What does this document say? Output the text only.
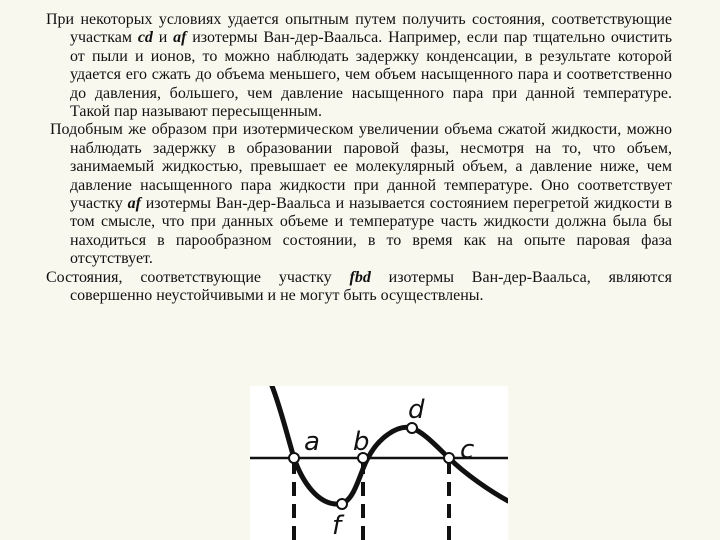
При некоторых условиях удается опытным путем получить состояния, соответствующие участкам cd и af изотермы Ван-дер-Ваальса. Например, если пар тщательно очистить от пыли и ионов, то можно наблюдать задержку конденсации, в результате которой удается его сжать до объема меньшего, чем объем насыщенного пара и соответственно до давления, большего, чем давление насыщенного пара при данной температуре. Такой пар называют пересыщенным.

Подобным же образом при изотермическом увеличении объема сжатой жидкости, можно наблюдать задержку в образовании паровой фазы, несмотря на то, что объем, занимаемый жидкостью, превышает ее молекулярный объем, а давление ниже, чем давление насыщенного пара жидкости при данной температуре. Оно соответствует участку af изотермы Ван-дер-Ваальса и называется состоянием перегретой жидкости в том смысле, что при данных объеме и температуре часть жидкости должна была бы находиться в парообразном состоянии, в то время как на опыте паровая фаза отсутствует.

Состояния, соответствующие участку fbd изотермы Ван-дер-Ваальса, являются совершенно неустойчивыми и не могут быть осуществлены.

a b	c
d
f
